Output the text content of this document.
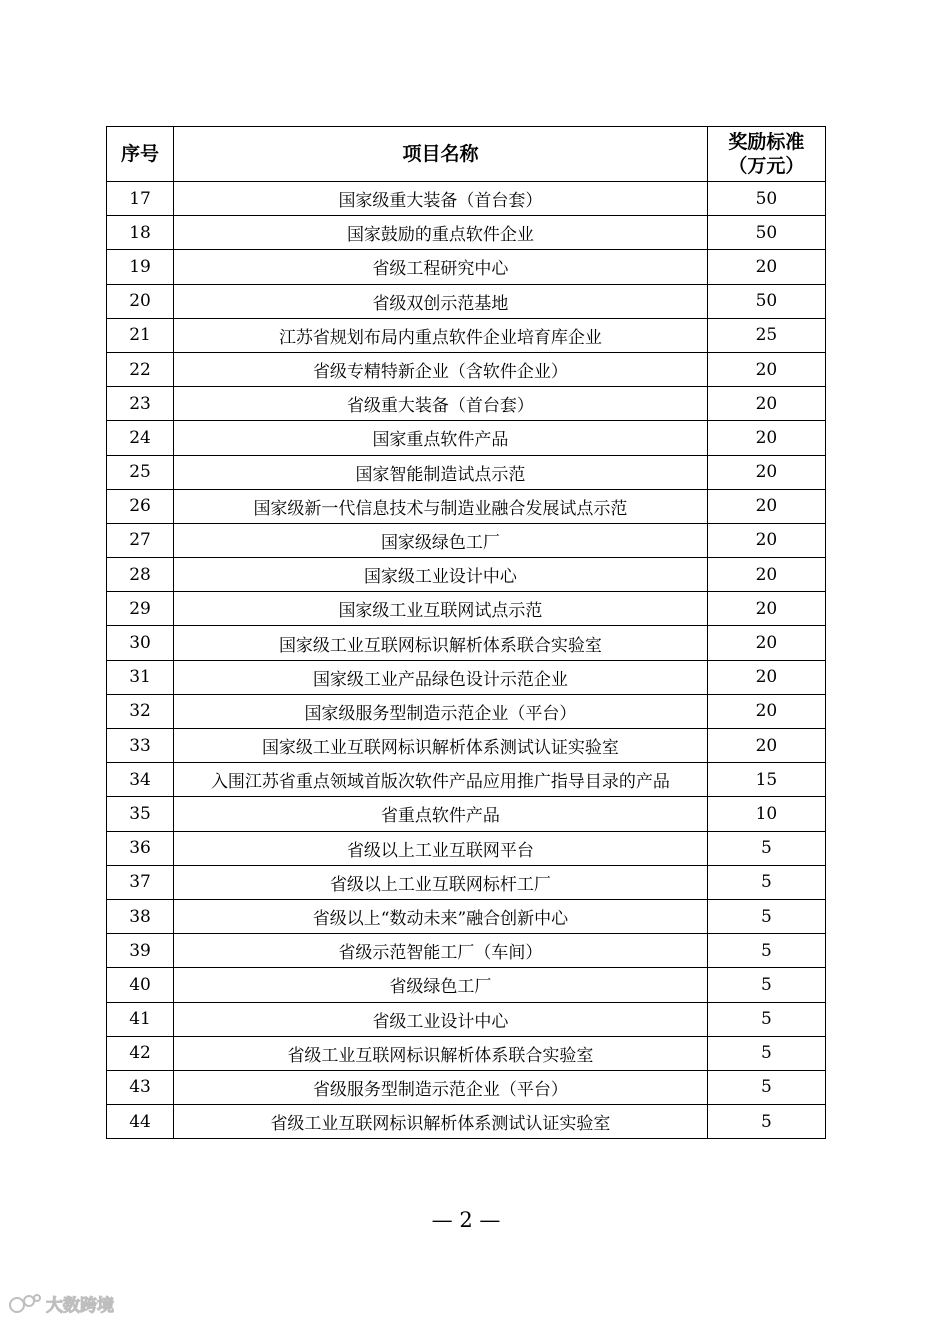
序号	项目名称	奖励标准
（万元）

17	国家级重大装备（首台套）	50
18	国家鼓励的重点软件企业	50
19	省级工程研究中心	20
20	省级双创示范基地	50
21	江苏省规划布局内重点软件企业培育库企业	25
22	省级专精特新企业（含软件企业）	20
23	省级重大装备（首台套）	20
24	国家重点软件产品	20
25	国家智能制造试点示范	20
26	国家级新一代信息技术与制造业融合发展试点示范	20
27	国家级绿色工厂	20
28	国家级工业设计中心	20
29	国家级工业互联网试点示范	20
30	国家级工业互联网标识解析体系联合实验室	20
31	国家级工业产品绿色设计示范企业	20
32	国家级服务型制造示范企业（平台）	20
33	国家级工业互联网标识解析体系测试认证实验室	20
34	入围江苏省重点领域首版次软件产品应用推广指导目录的产品	15
35	省重点软件产品	10
36	省级以上工业互联网平台	5
37	省级以上工业互联网标杆工厂	5
38	省级以上“数动未来”融合创新中心	5
39	省级示范智能工厂（车间）	5
40	省级绿色工厂	5
41	省级工业设计中心	5
42	省级工业互联网标识解析体系联合实验室	5
43	省级服务型制造示范企业（平台）	5
44	省级工业互联网标识解析体系测试认证实验室	5
— 2 —
大数跨境
